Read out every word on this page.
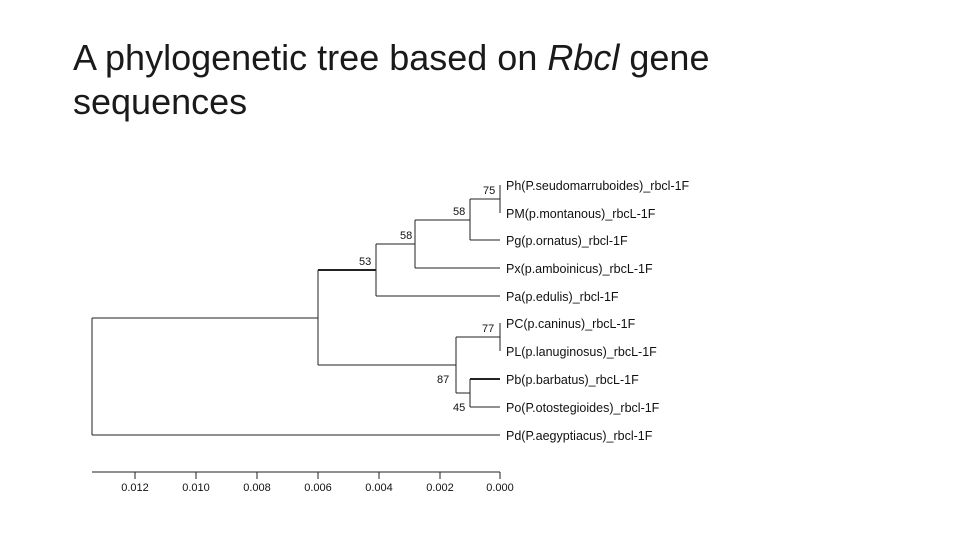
A phylogenetic tree based on Rbcl gene sequences
Ph(P.seudomarruboides)_rbcl-1F
PM(p.montanous)_rbcL-1F
Pg(p.ornatus)_rbcl-1F
Px(p.amboinicus)_rbcL-1F
Pa(p.edulis)_rbcl-1F
PC(p.caninus)_rbcL-1F
PL(p.lanuginosus)_rbcL-1F
Pb(p.barbatus)_rbcL-1F
Po(P.otostegioides)_rbcl-1F
Pd(P.aegyptiacus)_rbcl-1F
75
58
58
53
77
87
45
0.012	0.010	0.008	0.006	0.004	0.002	0.000
